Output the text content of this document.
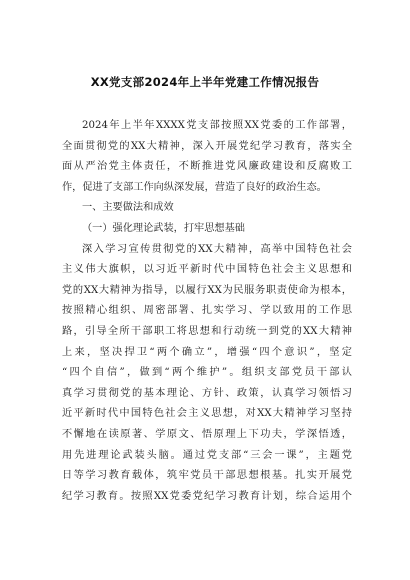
XX党支部2024年上半年党建工作情况报告
2024年上半年XXXX党支部按照XX党委的工作部署，
全面贯彻党的XX大精神，深入开展党纪学习教育，落实全
面从严治党主体责任，不断推进党风廉政建设和反腐败工
作，促进了支部工作向纵深发展，营造了良好的政治生态。
一、主要做法和成效
（一）强化理论武装，打牢思想基础
深入学习宣传贯彻党的XX大精神，高举中国特色社会
主义伟大旗帜，以习近平新时代中国特色社会主义思想和
党的XX大精神为指导，以履行XX为民服务职责使命为根本，
按照精心组织、周密部署、扎实学习、学以致用的工作思
路，引导全所干部职工将思想和行动统一到党的XX大精神
上来，坚决捍卫“两个确立”，增强“四个意识”，坚定
“四个自信”，做到“两个维护”。组织支部党员干部认
真学习贯彻党的基本理论、方针、政策，认真学习领悟习
近平新时代中国特色社会主义思想，对XX大精神学习坚持
不懈地在读原著、学原文、悟原理上下功夫，学深悟透，
用先进理论武装头脑。通过党支部“三会一课”，主题党
日等学习教育载体，筑牢党员干部思想根基。扎实开展党
纪学习教育。按照XX党委党纪学习教育计划，综合运用个
